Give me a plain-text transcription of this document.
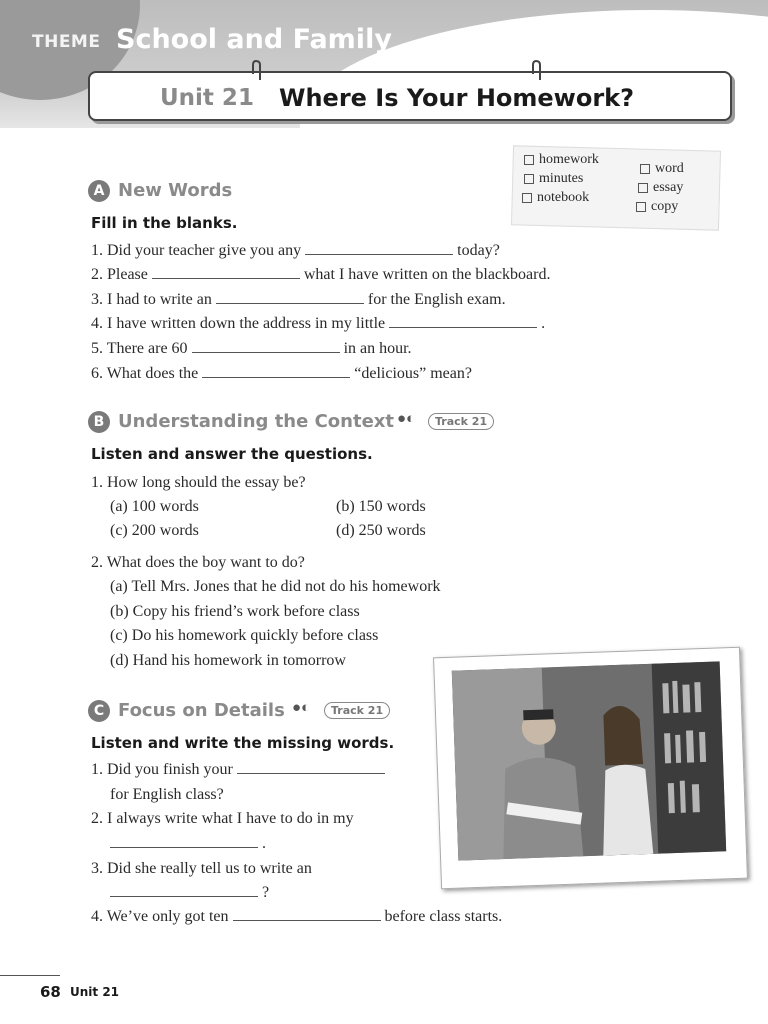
THEME School and Family
Unit 21 Where Is Your Homework?
homework
minutes
notebook
word
essay
copy
A New Words
Fill in the blanks.
1. Did your teacher give you any	today?
2. Please	what I have written on the blackboard.
3. I had to write an	for the English exam.
4. I have written down the address in my little	.
5. There are 60	in an hour.
6. What does the	“delicious” mean?
B Understanding the Context ●◐	Track 21
Listen and answer the questions.
1. How long should the essay be?
(a) 100 words	(b) 150 words
(c) 200 words	(d) 250 words
2. What does the boy want to do?
(a) Tell Mrs. Jones that he did not do his homework
(b) Copy his friend’s work before class
(c) Do his homework quickly before class
(d) Hand his homework in tomorrow
C Focus on Details ●◐	Track 21
Listen and write the missing words.
1. Did you finish your
for English class?
2. I always write what I have to do in my
.
3. Did she really tell us to write an
?
4. We’ve only got ten	before class starts.
68 Unit 21
